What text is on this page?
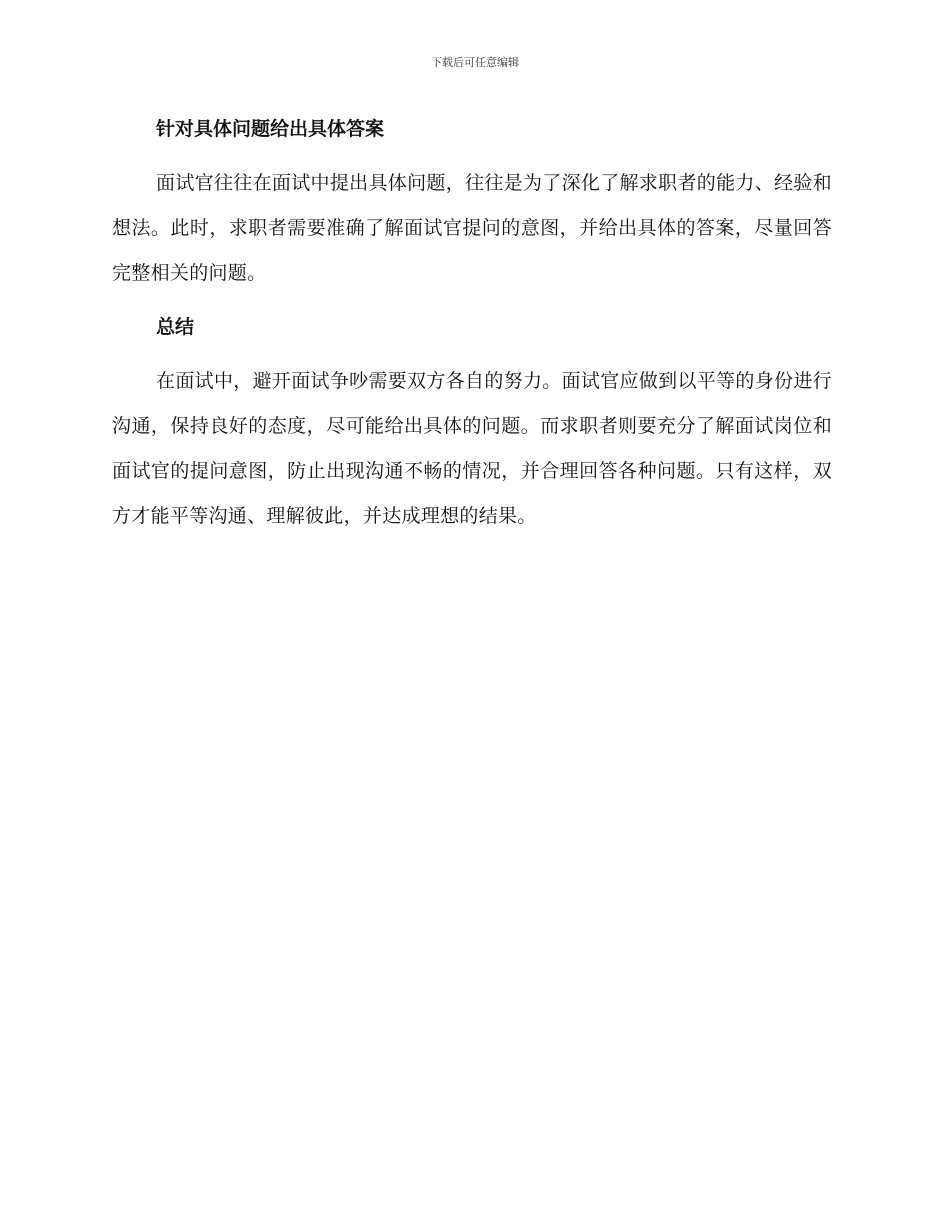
下载后可任意编辑
针对具体问题给出具体答案

面试官往往在面试中提出具体问题，往往是为了深化了解求职者的能力、经验和想法。此时，求职者需要准确了解面试官提问的意图，并给出具体的答案，尽量回答完整相关的问题。

总结

在面试中，避开面试争吵需要双方各自的努力。面试官应做到以平等的身份进行沟通，保持良好的态度，尽可能给出具体的问题。而求职者则要充分了解面试岗位和面试官的提问意图，防止出现沟通不畅的情况，并合理回答各种问题。只有这样，双方才能平等沟通、理解彼此，并达成理想的结果。
